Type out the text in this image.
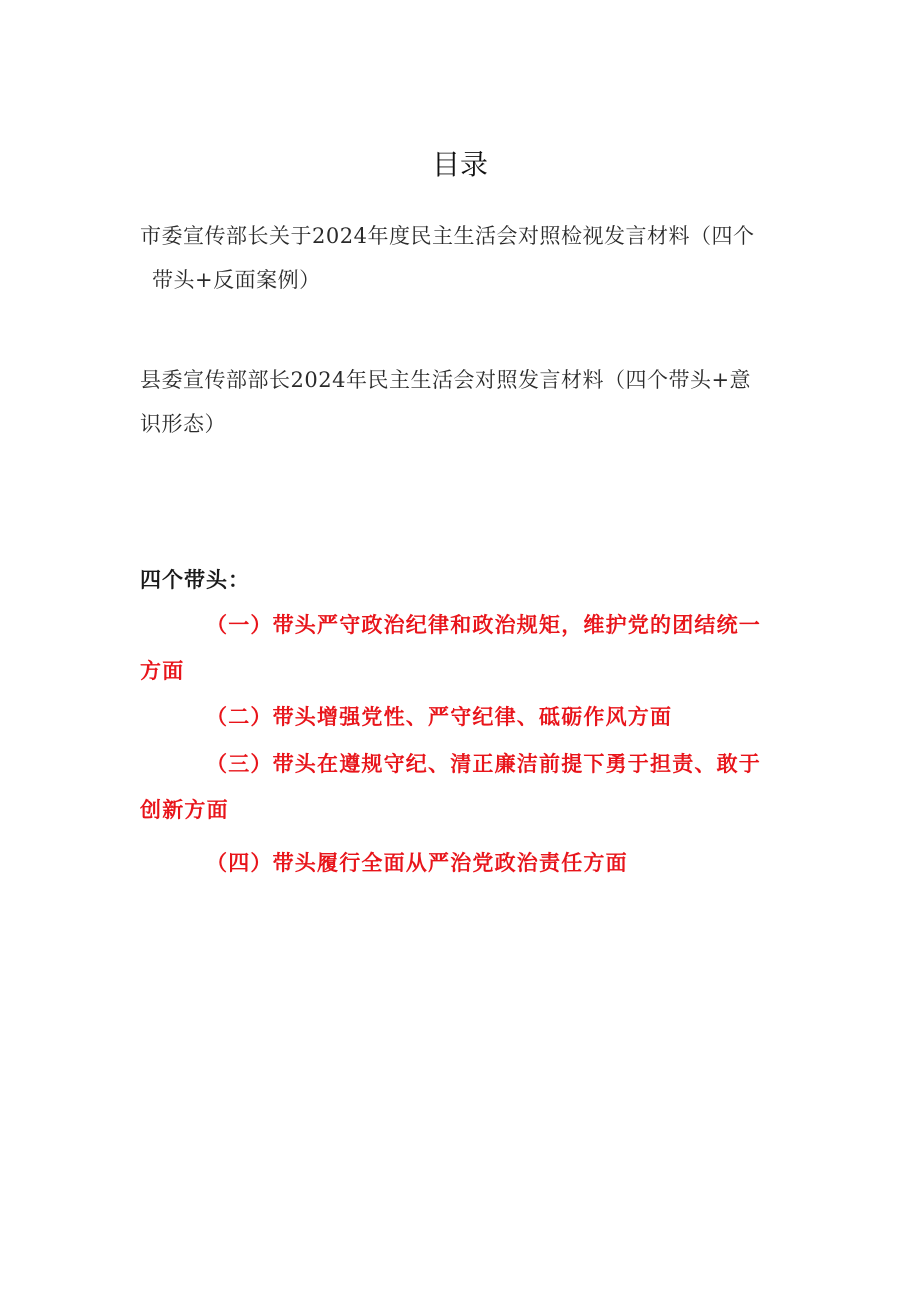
目录
市委宣传部长关于2024年度民主生活会对照检视发言材料（四个
带头+反面案例）
县委宣传部部长2024年民主生活会对照发言材料（四个带头+意
识形态）
四个带头：
（一）带头严守政治纪律和政治规矩，维护党的团结统一
方面
（二）带头增强党性、严守纪律、砥砺作风方面
（三）带头在遵规守纪、清正廉洁前提下勇于担责、敢于
创新方面
（四）带头履行全面从严治党政治责任方面
